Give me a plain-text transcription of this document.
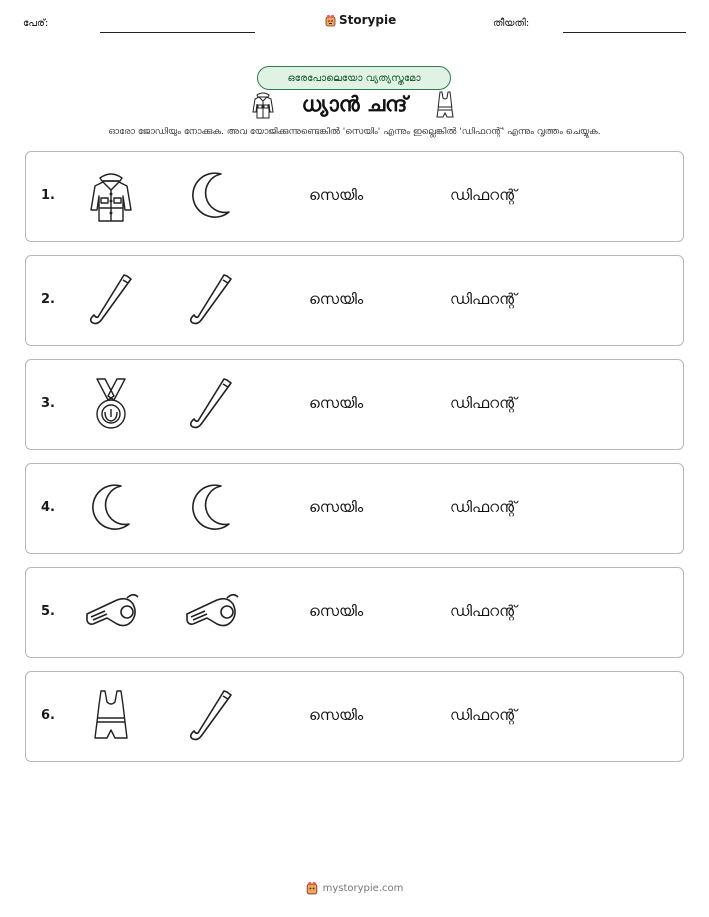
പേര്:	Storypie	തീയതി:
ഒരേപോലെയോ വ്യത്യസ്തമോ
ധ്യാൻ ചന്ദ്
ഓരോ ജോഡിയും നോക്കുക. അവ യോജിക്കുന്നുണ്ടെങ്കിൽ 'സെയിം' എന്നും ഇല്ലെങ്കിൽ 'ഡിഫറന്റ്' എന്നും വൃത്തം ചെയ്യുക.
1.	സെയിം	ഡിഫറന്റ്
2.	സെയിം	ഡിഫറന്റ്
3.	സെയിം	ഡിഫറന്റ്
4.	സെയിം	ഡിഫറന്റ്
5.	സെയിം	ഡിഫറന്റ്
6.	സെയിം	ഡിഫറന്റ്
mystorypie.com
